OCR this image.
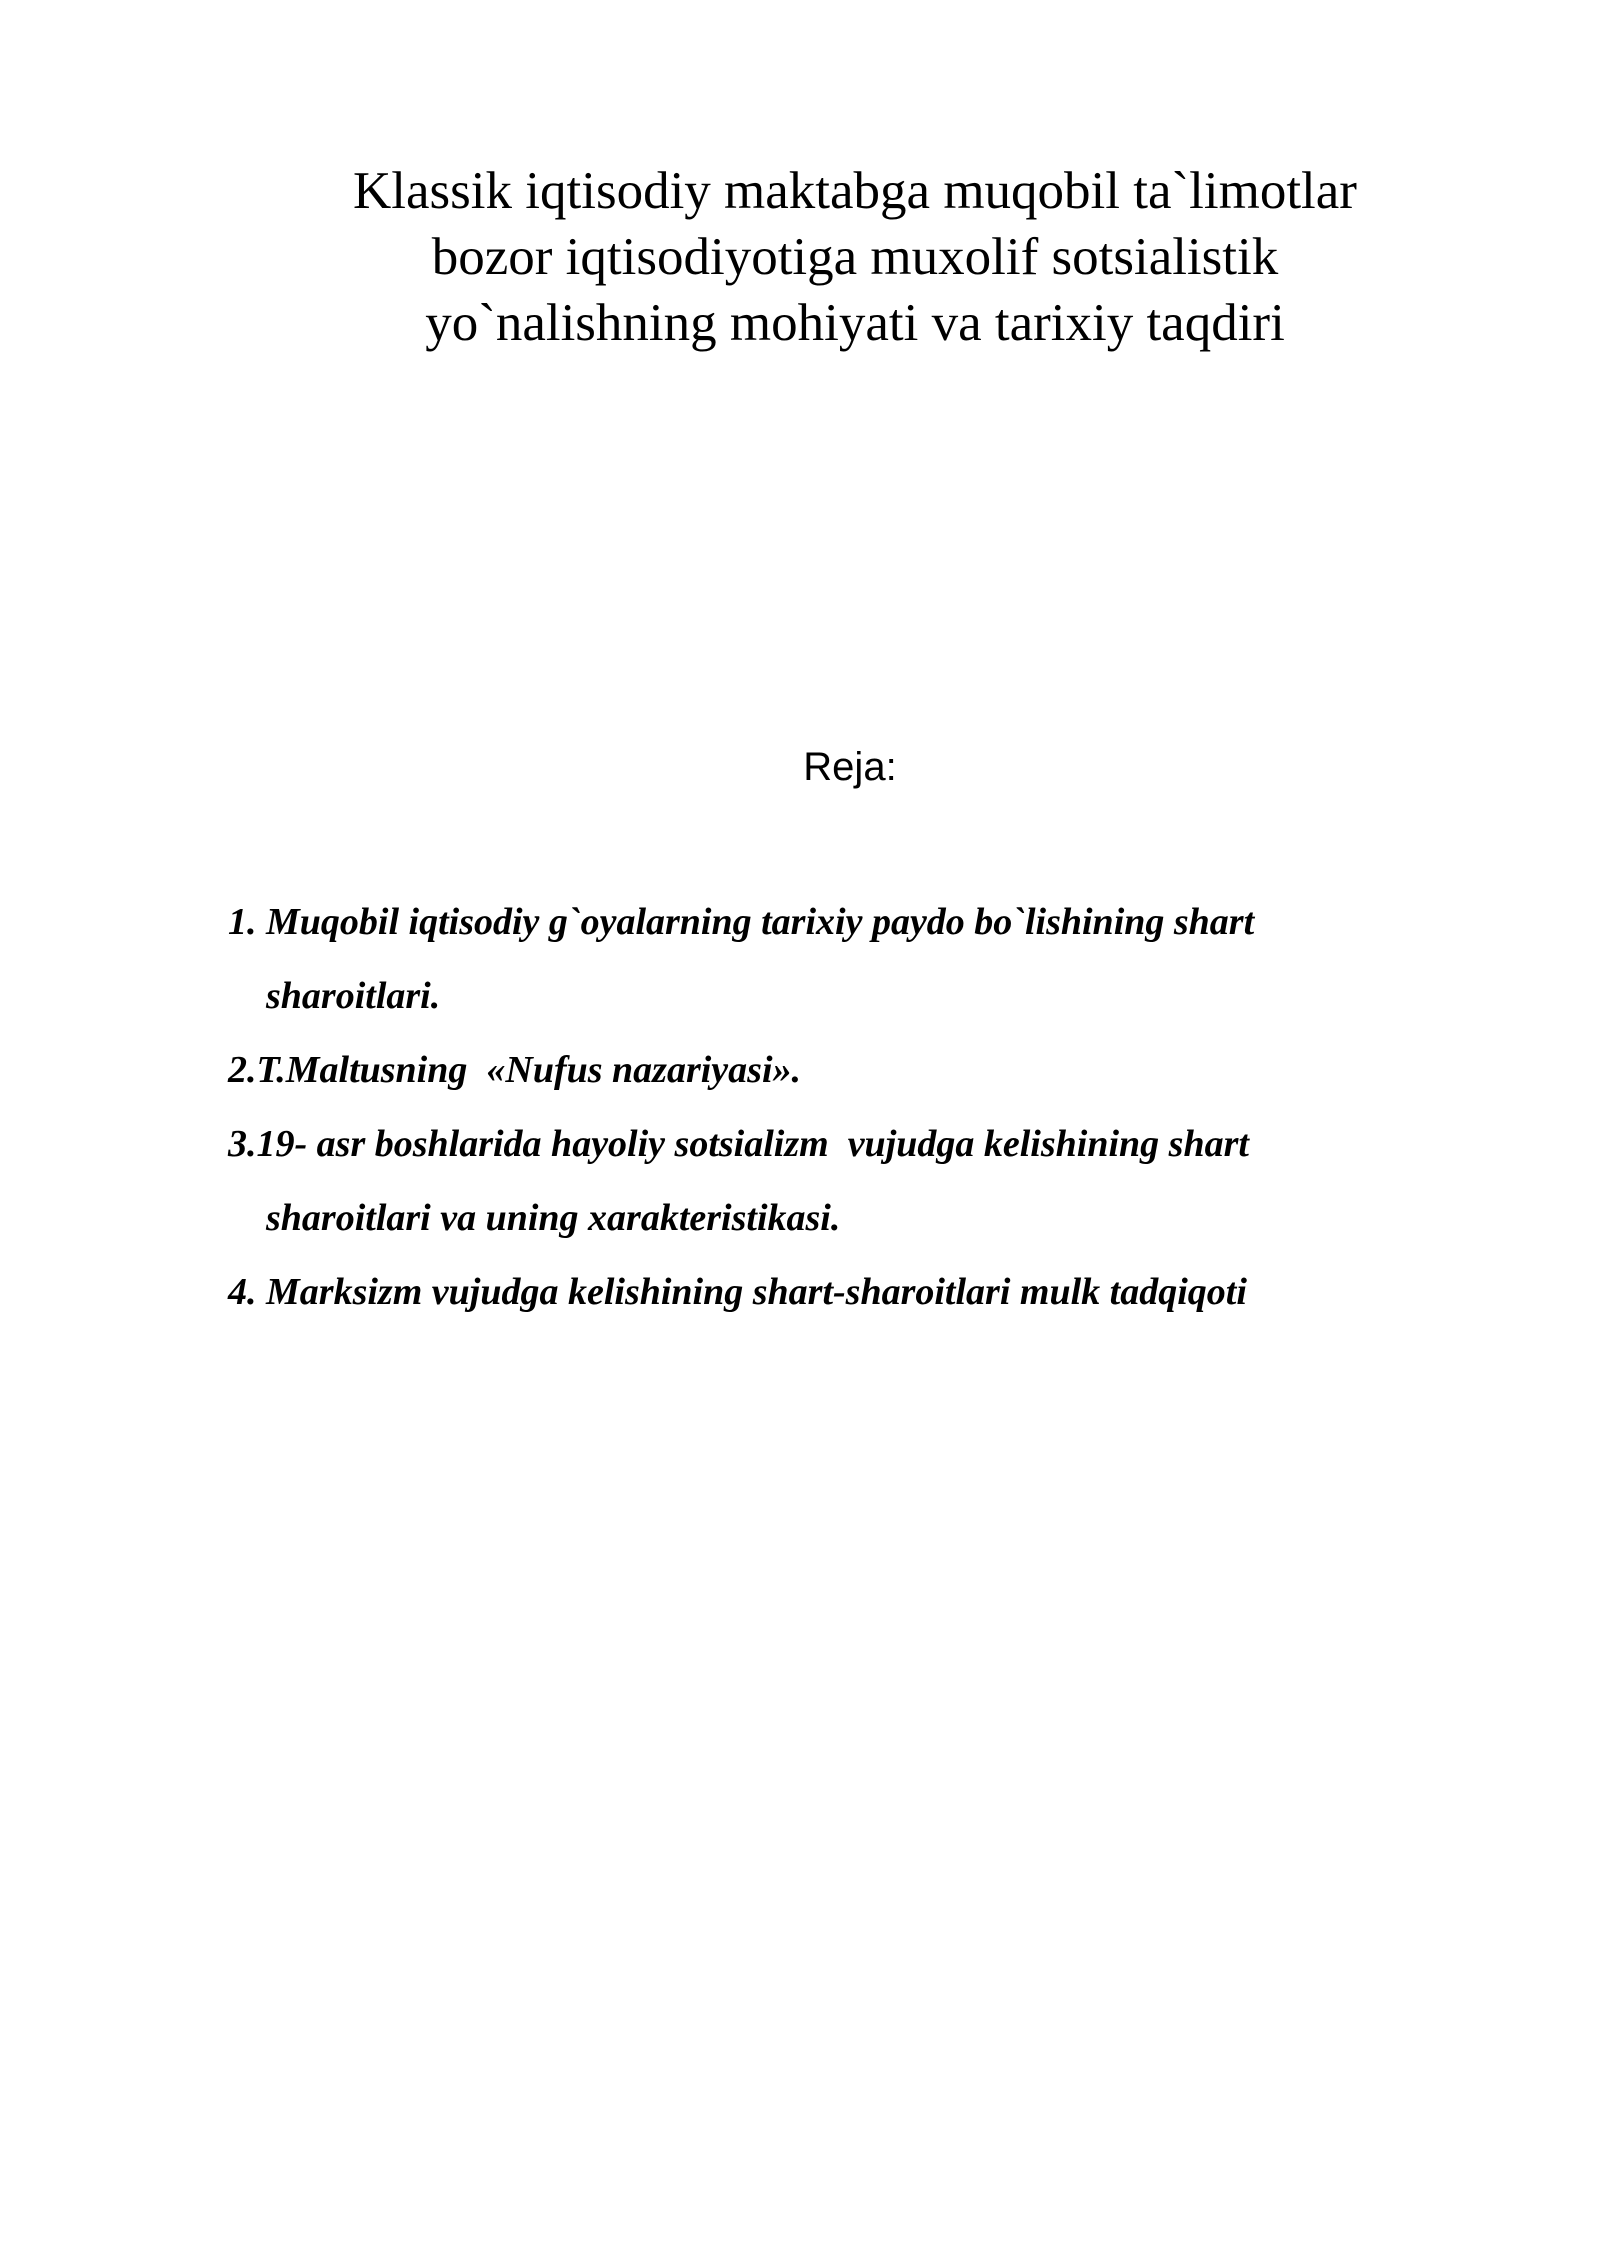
Klassik iqtisodiy maktabga muqobil ta`limotlar
bozor iqtisodiyotiga muxolif sotsialistik
yo`nalishning mohiyati va tarixiy taqdiri
Reja:
1. Muqobil iqtisodiy g`oyalarning tarixiy paydo bo`lishining shart
sharoitlari.
2.T.Maltusning  «Nufus nazariyasi».
3.19- asr boshlarida hayoliy sotsializm  vujudga kelishining shart
sharoitlari va uning xarakteristikasi.
4. Marksizm vujudga kelishining shart-sharoitlari mulk tadqiqoti
